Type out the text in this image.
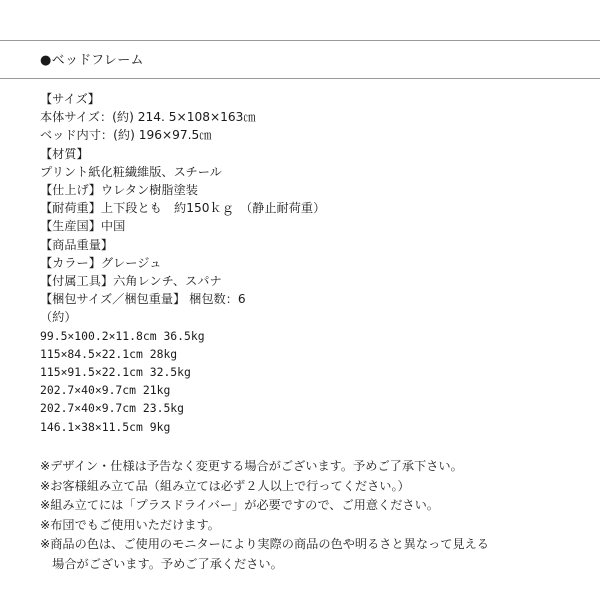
●ベッドフレーム
【サイズ】
本体サイズ：(約) 214. 5×108×163㎝
ベッド内寸：(約) 196×97.5㎝
【材質】
プリント紙化粧繊維版、スチール
【仕上げ】ウレタン樹脂塗装
【耐荷重】上下段とも　約150ｋｇ　（静止耐荷重）
【生産国】中国
【商品重量】
【カラー】グレージュ
【付属工具】六角レンチ、スパナ
【梱包サイズ／梱包重量】 梱包数：6
（約）
99.5×100.2×11.8cm 36.5kg
115×84.5×22.1cm 28kg
115×91.5×22.1cm 32.5kg
202.7×40×9.7cm 21kg
202.7×40×9.7cm 23.5kg
146.1×38×11.5cm 9kg
※デザイン・仕様は予告なく変更する場合がございます。予めご了承下さい。
※お客様組み立て品（組み立ては必ず２人以上で行ってください。）
※組み立てには「プラスドライバー」が必要ですので、ご用意ください。
※布団でもご使用いただけます。
※商品の色は、ご使用のモニターにより実際の商品の色や明るさと異なって見える
　場合がございます。予めご了承ください。
